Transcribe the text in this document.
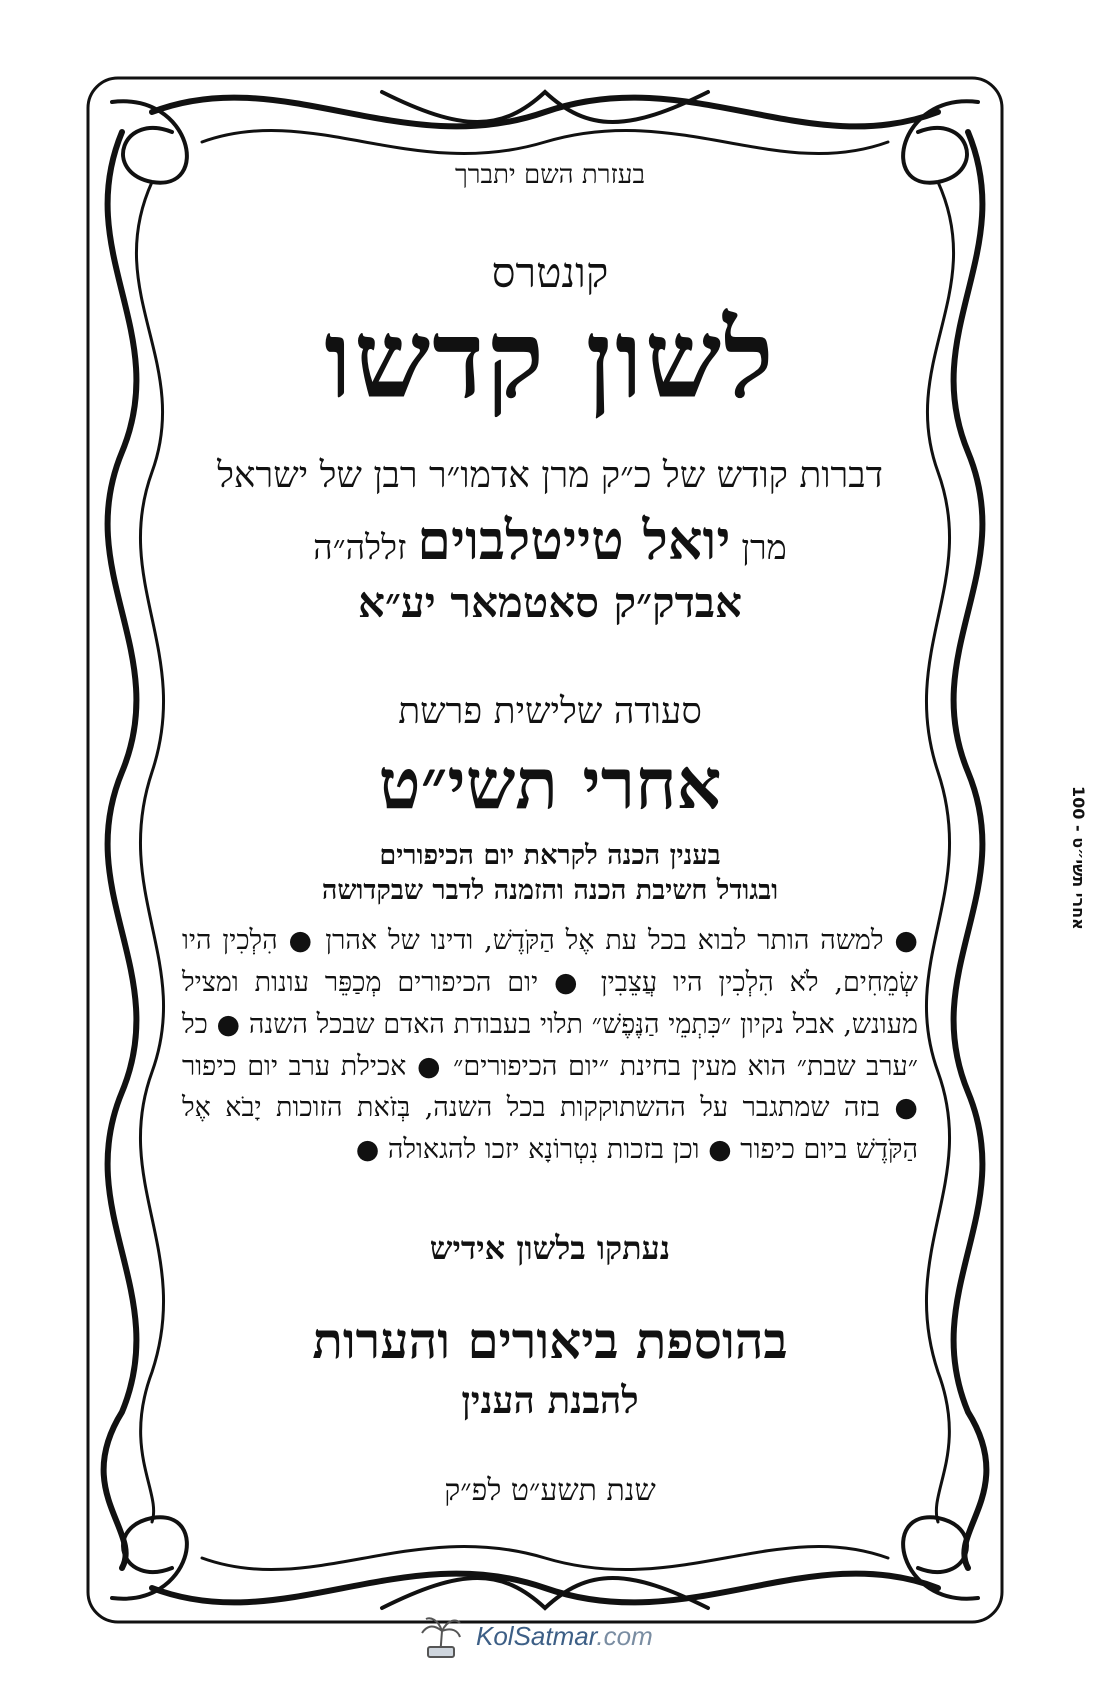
בעזרת השם יתברך
קונטרס
לשון קדשו
דברות קודש של כ״ק מרן אדמו״ר רבן של ישראל
מרן יואל טייטלבוים זללה״ה
אבדק״ק סאטמאר יע״א
סעודה שלישית פרשת
אחרי תשי״ט
בענין הכנה לקראת יום הכיפורים
ובגודל חשיבת הכנה והזמנה לדבר שבקדושה
● למשה הותר לבוא בכל עת אֶל הַקֹּדֶשׁ, ודינו של אהרן ● הִלְכִין היו שְׂמֵחִים, לֹא הִלְכִין היו עֲצֵבִין ● יום הכיפורים מְכַפֵּר עונות ומציל מעונש, אבל נקיון ״כִּתְמֵי הַנֶּפֶשׁ״ תלוי בעבודת האדם שבכל השנה ● כל ״ערב שבת״ הוא מעין בחינת ״יום הכיפורים״ ● אכילת ערב יום כיפור ● בזה שמתגבר על ההשתוקקות בכל השנה, בְּזֹאת הזוכות יָבֹא אֶל הַקֹּדֶשׁ ביום כיפור ● וכן בזכות נִטְרוֹנָא יזכו להגאולה ●
נעתקו בלשון אידיש
בהוספת ביאורים והערות
להבנת הענין
שנת תשע״ט לפ״ק
אחרי תשי״ט - 100
KolSatmar.com
